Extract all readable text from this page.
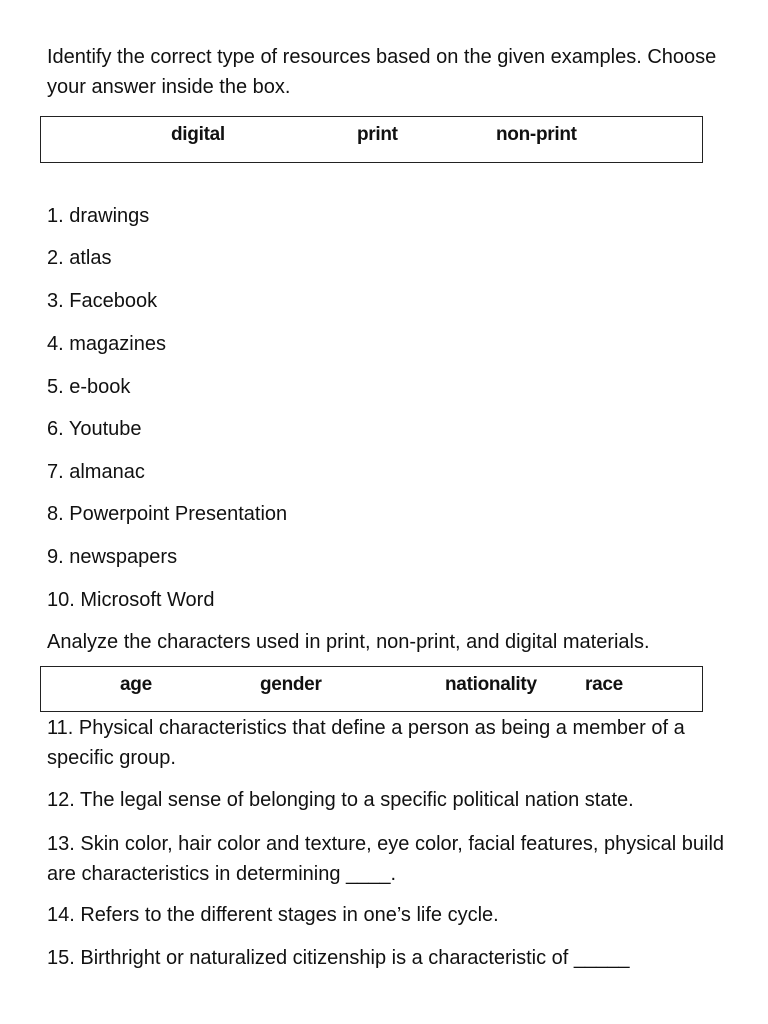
Identify the correct type of resources based on the given examples. Choose your answer inside the box.
digital	print	non-print
1. drawings
2. atlas
3. Facebook
4. magazines
5. e-book
6. Youtube
7. almanac
8. Powerpoint Presentation
9. newspapers
10. Microsoft Word
Analyze the characters used in print, non-print, and digital materials.
age	gender	nationality	race
11. Physical characteristics that define a person as being a member of a specific group.
12. The legal sense of belonging to a specific political nation state.
13. Skin color, hair color and texture, eye color, facial features, physical build are characteristics in determining ____.
14. Refers to the different stages in one’s life cycle.
15. Birthright or naturalized citizenship is a characteristic of _____
